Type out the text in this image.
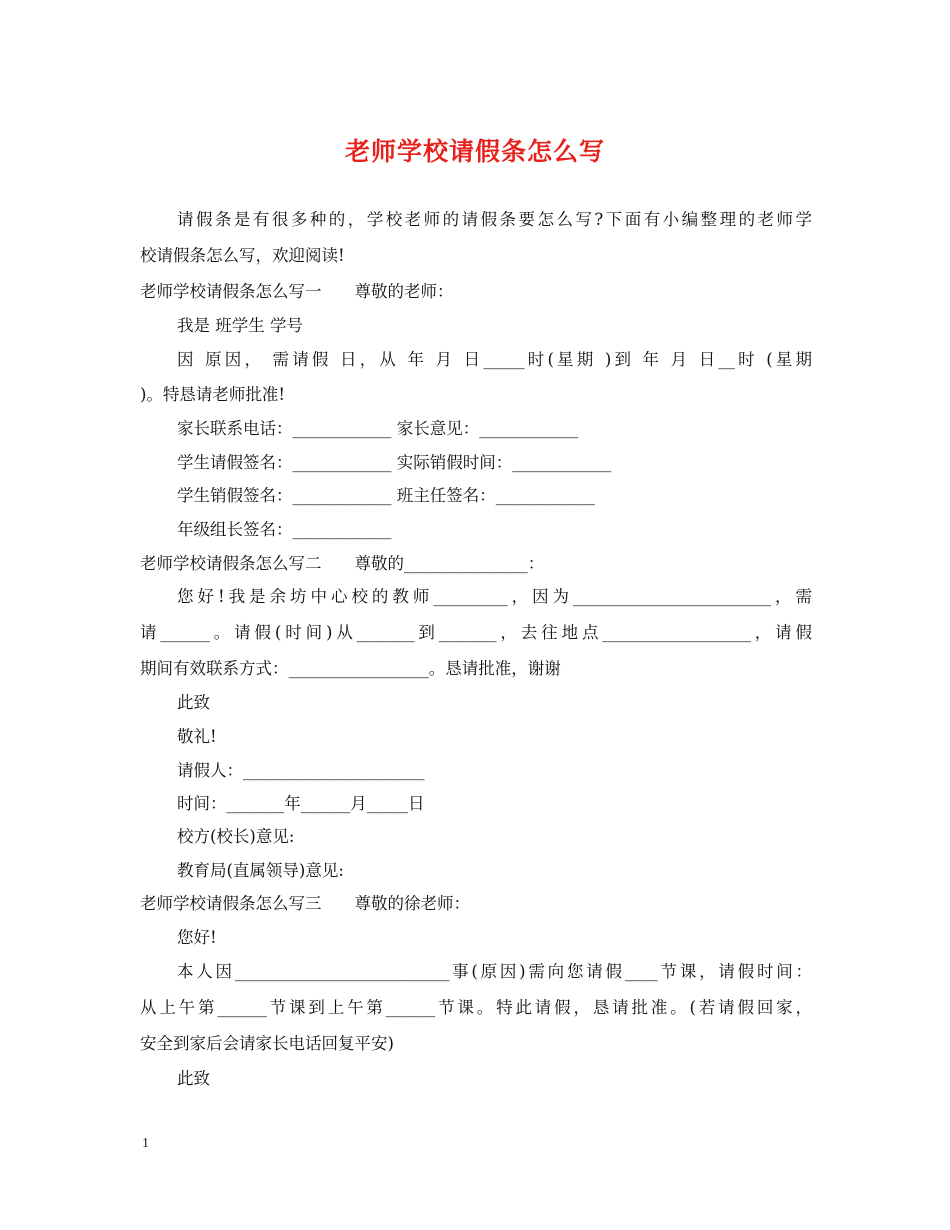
老师学校请假条怎么写
请假条是有很多种的，学校老师的请假条要怎么写?下面有小编整理的老师学
校请假条怎么写，欢迎阅读!
老师学校请假条怎么写一　　尊敬的老师：
我是 班学生 学号
因 原因， 需请假 日，从 年 月 日_____时(星期 )到 年 月 日__时 (星期
)。特恳请老师批准!
家长联系电话：____________ 家长意见：____________
学生请假签名：____________ 实际销假时间：____________
学生销假签名：____________ 班主任签名：____________
年级组长签名：____________
老师学校请假条怎么写二　　尊敬的_______________：
您好!我是余坊中心校的教师_________，因为________________________，需
请______。请假(时间)从_______到_______，去往地点__________________，请假
期间有效联系方式：_________________。恳请批准，谢谢
此致
敬礼!
请假人：______________________
时间：_______年______月_____日
校方(校长)意见:
教育局(直属领导)意见:
老师学校请假条怎么写三　　尊敬的徐老师：
您好!
本人因__________________________事(原因)需向您请假____节课，请假时间：
从上午第______节课到上午第______节课。特此请假，恳请批准。(若请假回家，
安全到家后会请家长电话回复平安)
此致
1
